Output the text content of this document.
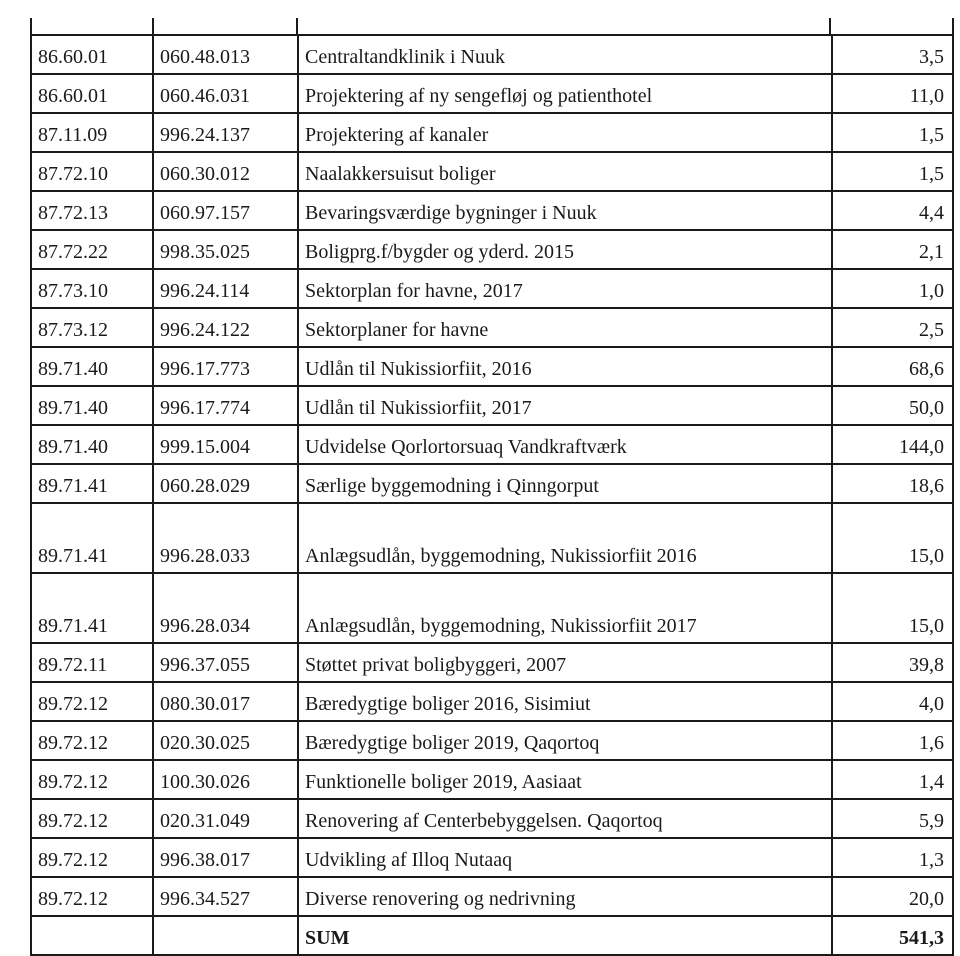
86.60.01	060.48.013	Centraltandklinik i Nuuk	3,5
86.60.01	060.46.031	Projektering af ny sengefløj og patienthotel	11,0
87.11.09	996.24.137	Projektering af kanaler	1,5
87.72.10	060.30.012	Naalakkersuisut boliger	1,5
87.72.13	060.97.157	Bevaringsværdige bygninger i Nuuk	4,4
87.72.22	998.35.025	Boligprg.f/bygder og yderd. 2015	2,1
87.73.10	996.24.114	Sektorplan for havne, 2017	1,0
87.73.12	996.24.122	Sektorplaner for havne	2,5
89.71.40	996.17.773	Udlån til Nukissiorfiit, 2016	68,6
89.71.40	996.17.774	Udlån til Nukissiorfiit, 2017	50,0
89.71.40	999.15.004	Udvidelse Qorlortorsuaq Vandkraftværk	144,0
89.71.41	060.28.029	Særlige byggemodning i Qinngorput	18,6
89.71.41	996.28.033	Anlægsudlån, byggemodning, Nukissiorfiit 2016	15,0
89.71.41	996.28.034	Anlægsudlån, byggemodning, Nukissiorfiit 2017	15,0
89.72.11	996.37.055	Støttet privat boligbyggeri, 2007	39,8
89.72.12	080.30.017	Bæredygtige boliger 2016, Sisimiut	4,0
89.72.12	020.30.025	Bæredygtige boliger 2019, Qaqortoq	1,6
89.72.12	100.30.026	Funktionelle boliger 2019, Aasiaat	1,4
89.72.12	020.31.049	Renovering af Centerbebyggelsen. Qaqortoq	5,9
89.72.12	996.38.017	Udvikling af Illoq Nutaaq	1,3
89.72.12	996.34.527	Diverse renovering og nedrivning	20,0
		SUM	541,3
